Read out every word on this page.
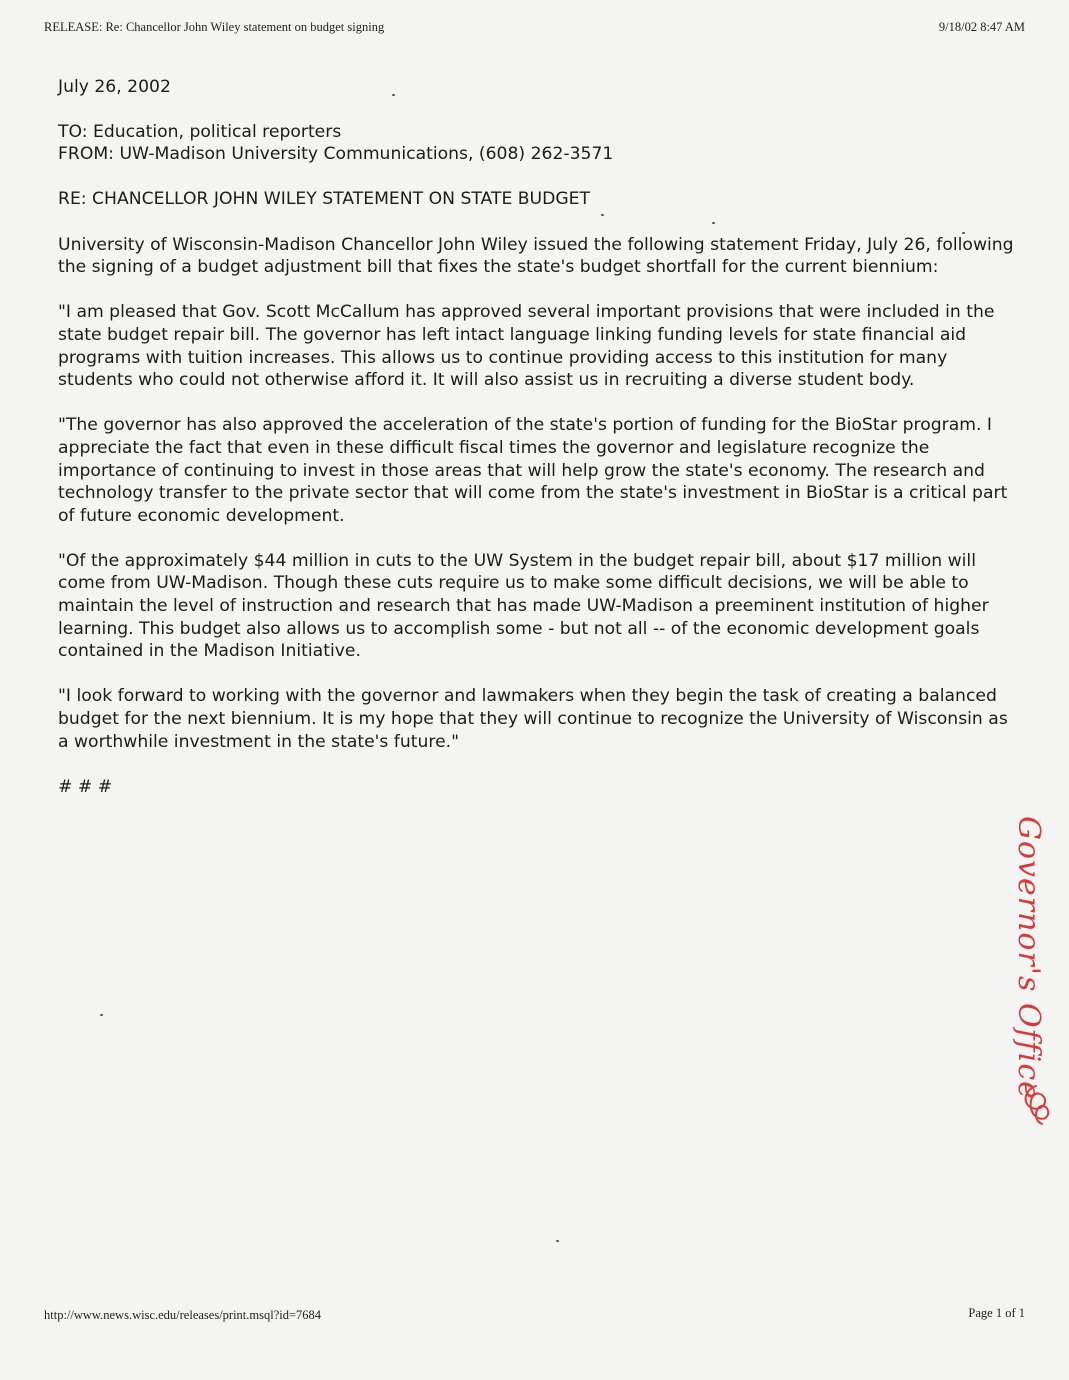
RELEASE: Re: Chancellor John Wiley statement on budget signing	9/18/02 8:47 AM

July 26, 2002

TO: Education, political reporters
FROM: UW-Madison University Communications, (608) 262-3571

RE: CHANCELLOR JOHN WILEY STATEMENT ON STATE BUDGET

University of Wisconsin-Madison Chancellor John Wiley issued the following statement Friday, July 26, following the signing of a budget adjustment bill that fixes the state's budget shortfall for the current biennium:

"I am pleased that Gov. Scott McCallum has approved several important provisions that were included in the state budget repair bill. The governor has left intact language linking funding levels for state financial aid programs with tuition increases. This allows us to continue providing access to this institution for many students who could not otherwise afford it. It will also assist us in recruiting a diverse student body.

"The governor has also approved the acceleration of the state's portion of funding for the BioStar program. I appreciate the fact that even in these difficult fiscal times the governor and legislature recognize the importance of continuing to invest in those areas that will help grow the state's economy. The research and technology transfer to the private sector that will come from the state's investment in BioStar is a critical part of future economic development.

"Of the approximately $44 million in cuts to the UW System in the budget repair bill, about $17 million will come from UW-Madison. Though these cuts require us to make some difficult decisions, we will be able to maintain the level of instruction and research that has made UW-Madison a preeminent institution of higher learning. This budget also allows us to accomplish some - but not all -- of the economic development goals contained in the Madison Initiative.

"I look forward to working with the governor and lawmakers when they begin the task of creating a balanced budget for the next biennium. It is my hope that they will continue to recognize the University of Wisconsin as a worthwhile investment in the state's future."

# # #

Governor's Office
http://www.news.wisc.edu/releases/print.msql?id=7684	Page 1 of 1
